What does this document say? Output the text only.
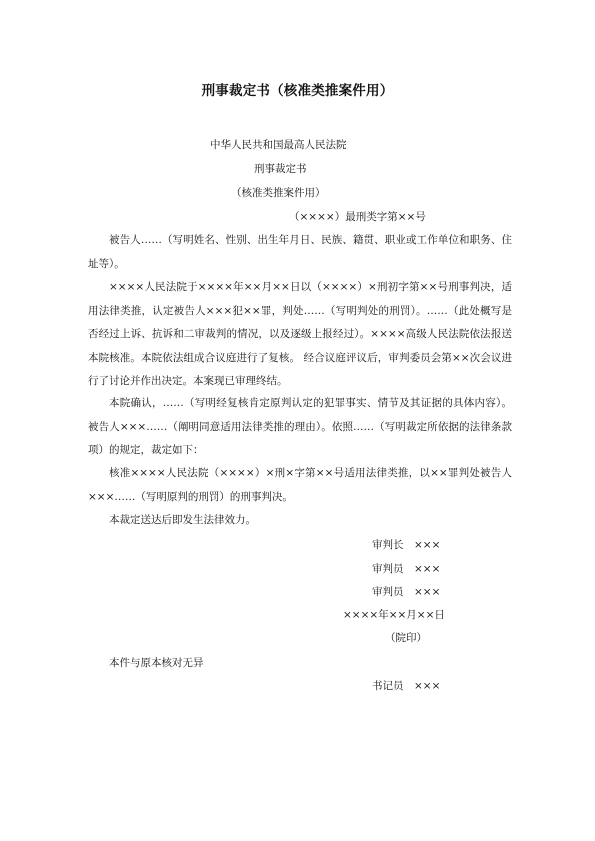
刑事裁定书（核准类推案件用）
中华人民共和国最高人民法院
刑事裁定书
（核准类推案件用）
（××××）最刑类字第××号

被告人……（写明姓名、性别、出生年月日、民族、籍贯、职业或工作单位和职务、住址等）。

××××人民法院于××××年××月××日以（××××）×刑初字第××号刑事判决，适用法律类推，认定被告人×××犯××罪，判处……（写明判处的刑罚）。……（此处概写是否经过上诉、抗诉和二审裁判的情况，以及逐级上报经过）。××××高级人民法院依法报送本院核准。本院依法组成合议庭进行了复核。 经合议庭评议后，审判委员会第××次会议进行了讨论并作出决定。本案现已审理终结。

本院确认，……（写明经复核肯定原判认定的犯罪事实、情节及其证据的具体内容）。被告人×××……（阐明同意适用法律类推的理由）。依照……（写明裁定所依据的法律条款项）的规定，裁定如下：

核准××××人民法院（××××）×刑×字第××号适用法律类推，以××罪判处被告人×××……（写明原判的刑罚）的刑事判决。

本裁定送达后即发生法律效力。

审判长　×××
审判员　×××
审判员　×××
××××年××月××日
（院印）
本件与原本核对无异
书记员　×××
